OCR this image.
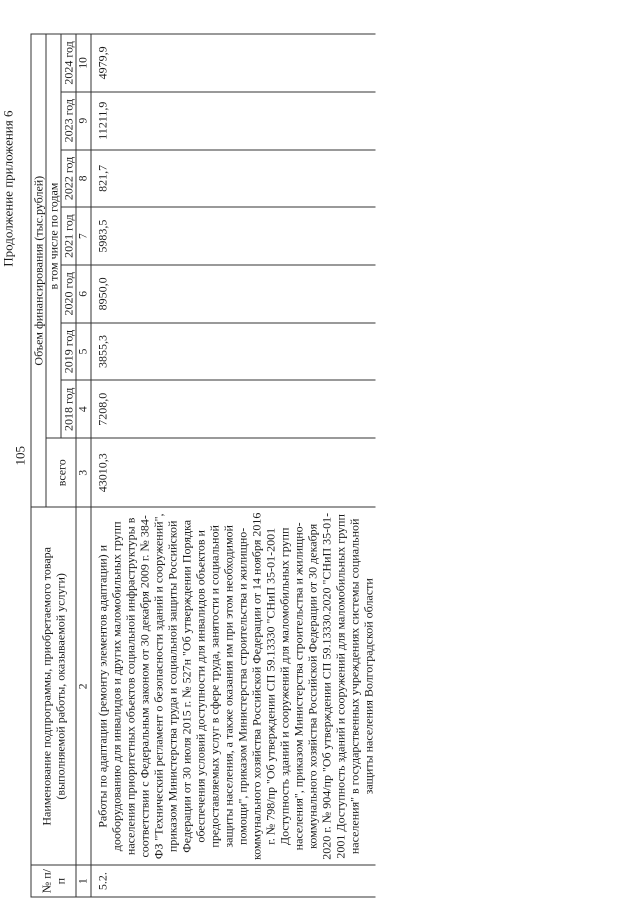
105
Продолжение приложения 6
№ п/п	Наименование подпрограммы, приобретаемого товара (выполняемой работы, оказываемой услуги)	Объем финансирования (тыс.рублей)							
		всего	в том числе по годам						
			2018 год	2019 год	2020 год	2021 год	2022 год	2023 год	2024 год
1	2	3	4	5	6	7	8	9	10
5.2.	Работы по адаптации (ремонту элементов адаптации) и дооборудованию для инвалидов и других маломобильных групп населения приоритетных объектов социальной инфраструктуры в соответствии с Федеральным законом от 30 декабря 2009 г. № 384-ФЗ "Технический регламент о безопасности зданий и сооружений", приказом Министерства труда и социальной защиты Российской Федерации от 30 июля 2015 г. № 527н "Об утверждении Порядка обеспечения условий доступности для инвалидов объектов и предоставляемых услуг в сфере труда, занятости и социальной защиты населения, а также оказания им при этом необходимой помощи", приказом Министерства строительства и жилищно-коммунального хозяйства Российской Федерации от 14 ноября 2016 г. № 798/пр "Об утверждении СП 59.13330 "СНиП 35-01-2001 Доступность зданий и сооружений для маломобильных групп населения", приказом Министерства строительства и жилищно-коммунального хозяйства Российской Федерации от 30 декабря 2020 г. № 904/пр "Об утверждении СП 59.13330.2020 "СНиП 35-01-2001 Доступность зданий и сооружений для маломобильных групп населения" в государственных учреждениях системы социальной защиты населения Волгоградской области	43010,3	7208,0	3855,3	8950,0	5983,5	821,7	11211,9	4979,9
